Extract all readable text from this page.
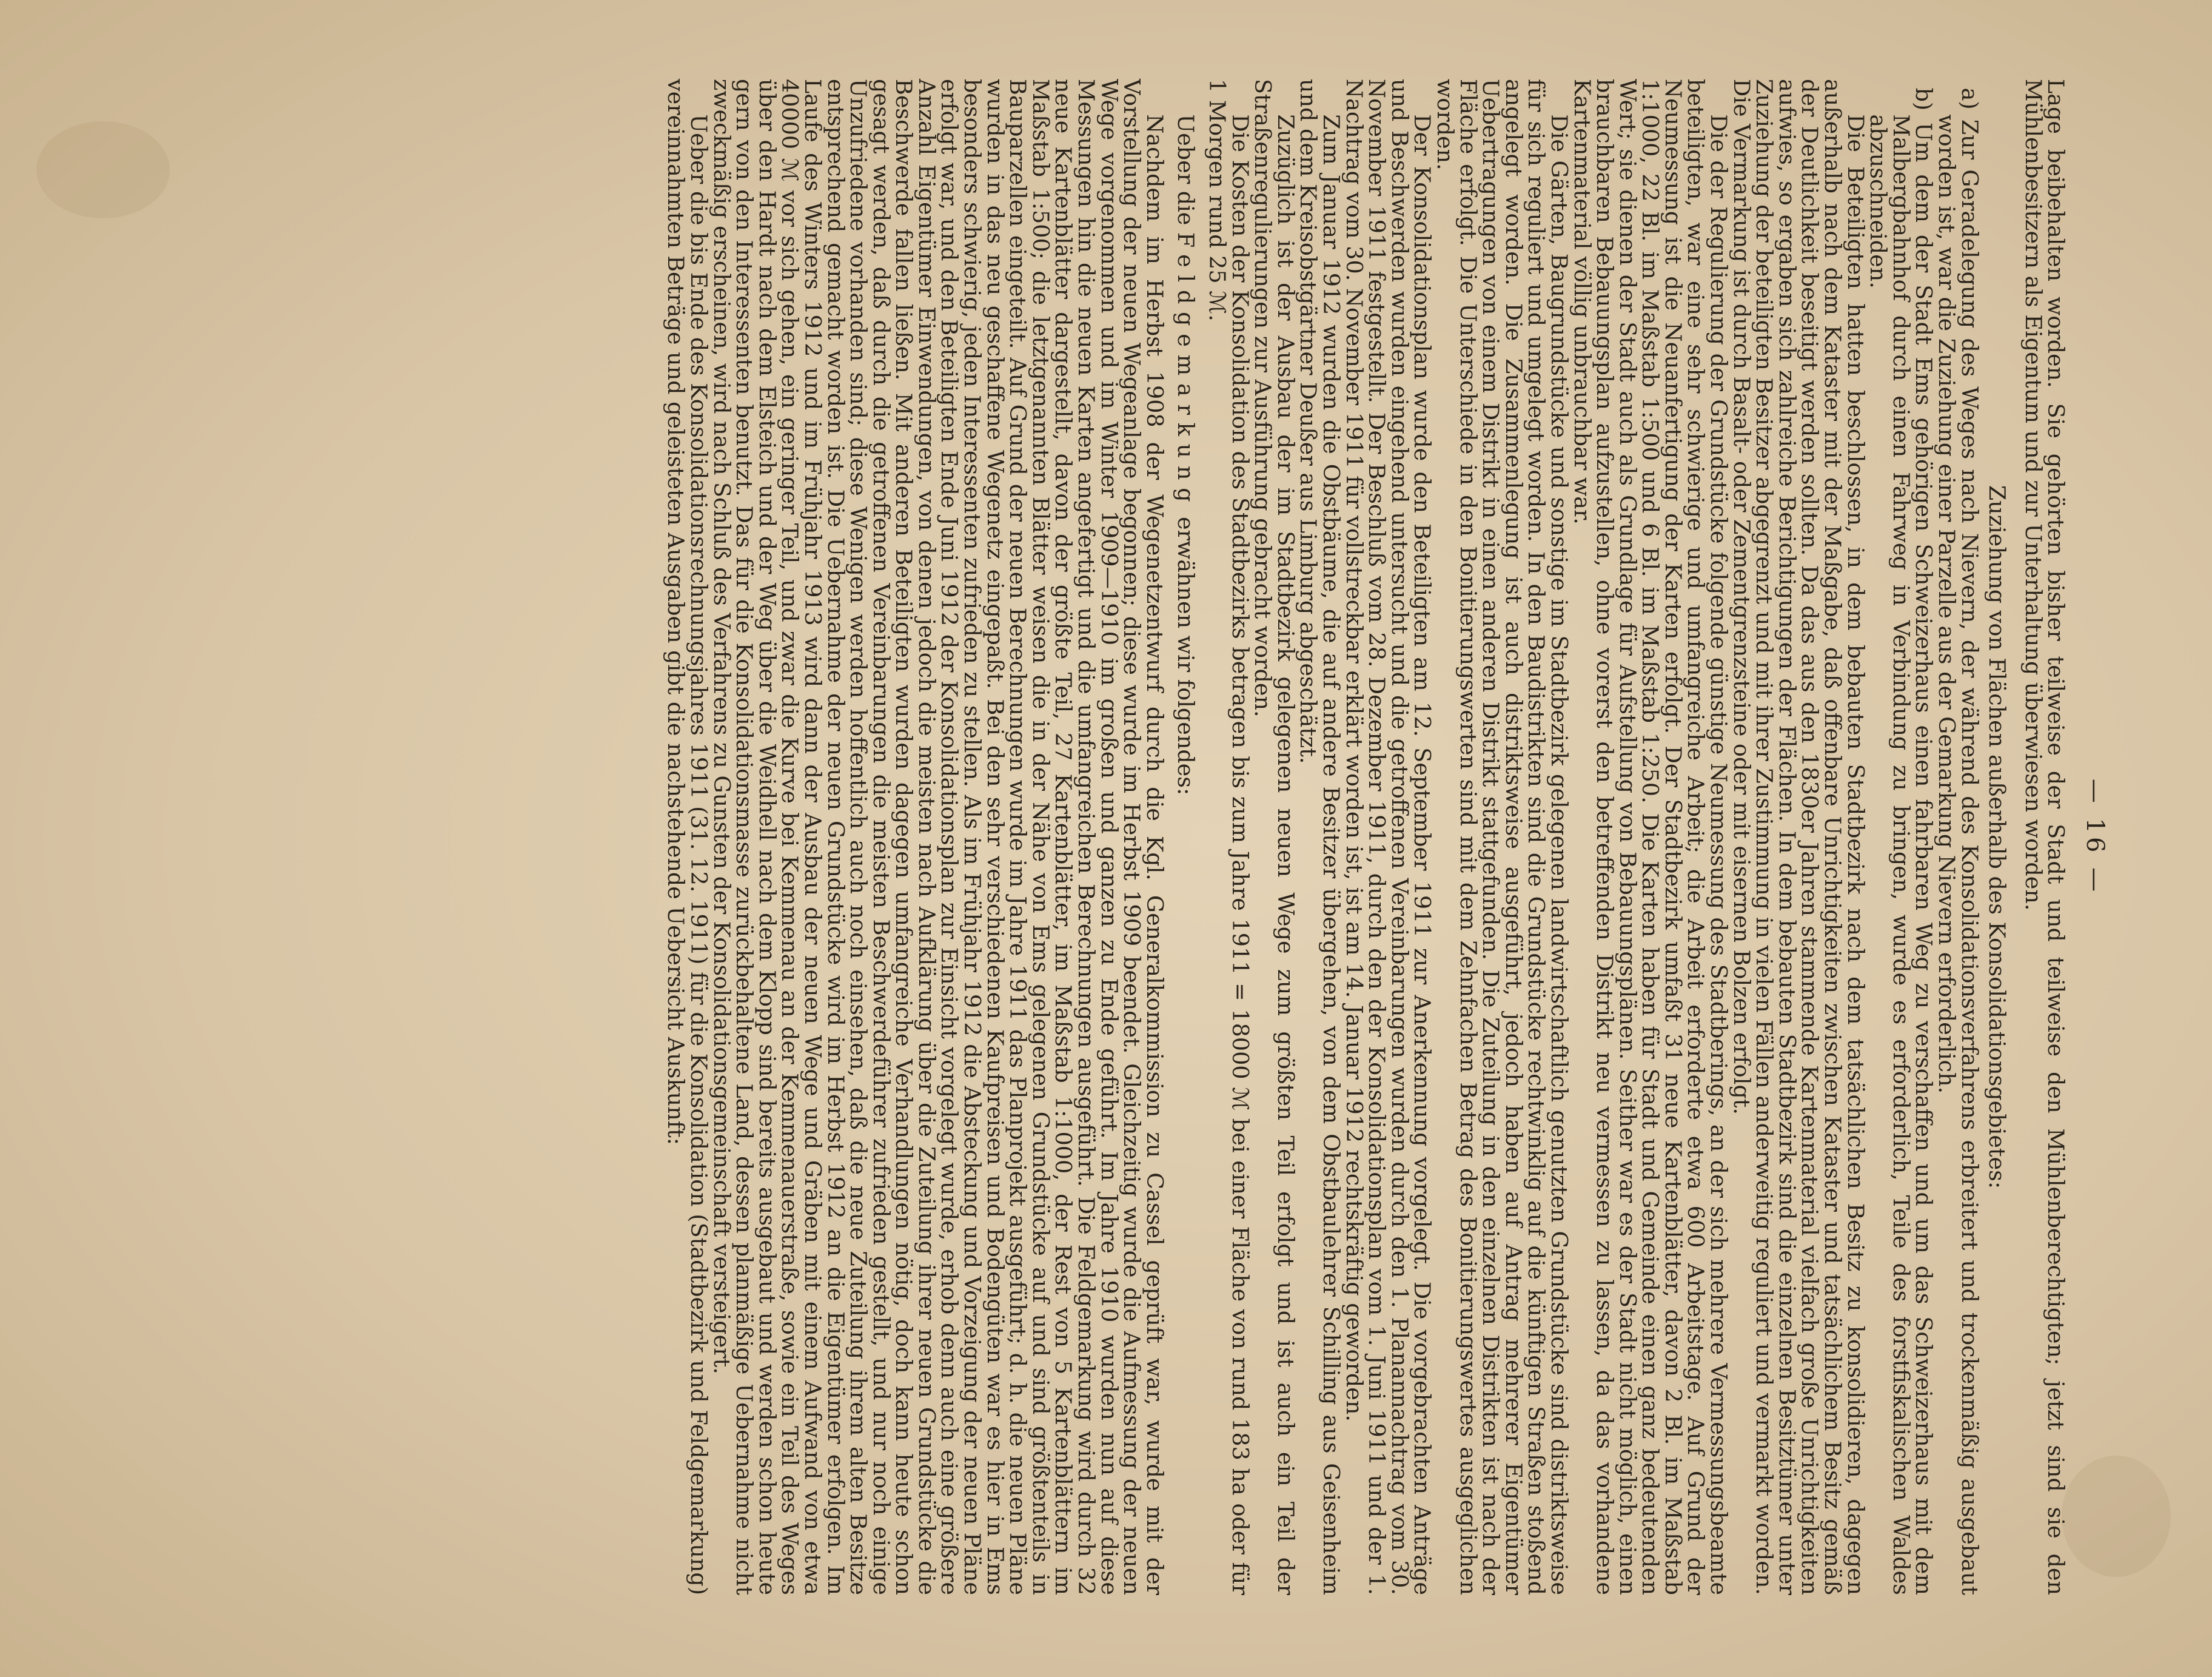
— 16 —

Lage beibehalten worden. Sie gehörten bisher teilweise der Stadt und teilweise den Mühlenberechtigten; jetzt sind sie den Mühlenbesitzern als Eigentum und zur Unterhaltung überwiesen worden.

Zuziehung von Flächen außerhalb des Konsolidationsgebietes:

a) Zur Geradelegung des Weges nach Nievern, der während des Konsolidationsverfahrens erbreitert und trockenmäßig ausgebaut worden ist, war die Zuziehung einer Parzelle aus der Gemarkung Nievern erforderlich.

b) Um dem der Stadt Ems gehörigen Schweizerhaus einen fahrbaren Weg zu verschaffen und um das Schweizerhaus mit dem Malbergbahnhof durch einen Fahrweg in Verbindung zu bringen, wurde es erforderlich, Teile des forstfiskalischen Waldes abzuschneiden.

Die Beteiligten hatten beschlossen, in dem bebauten Stadtbezirk nach dem tatsächlichen Besitz zu konsolidieren, dagegen außerhalb nach dem Kataster mit der Maßgabe, daß offenbare Unrichtigkeiten zwischen Kataster und tatsächlichem Besitz gemäß der Deutlichkeit beseitigt werden sollten. Da das aus den 1830er Jahren stammende Kartenmaterial vielfach große Unrichtigkeiten aufwies, so ergaben sich zahlreiche Berichtigungen der Flächen. In dem bebauten Stadtbezirk sind die einzelnen Besitztümer unter Zuziehung der beteiligten Besitzer abgegrenzt und mit ihrer Zustimmung in vielen Fällen anderweitig reguliert und vermarkt worden. Die Vermarkung ist durch Basalt- oder Zementgrenzsteine oder mit eisernen Bolzen erfolgt.

Die der Regulierung der Grundstücke folgende günstige Neumessung des Stadtberings, an der sich mehrere Vermessungsbeamte beteiligten, war eine sehr schwierige und umfangreiche Arbeit; die Arbeit erforderte etwa 600 Arbeitstage. Auf Grund der Neumessung ist die Neuanfertigung der Karten erfolgt. Der Stadtbezirk umfaßt 31 neue Kartenblätter, davon 2 Bl. im Maßstab 1:1000, 22 Bl. im Maßstab 1:500 und 6 Bl. im Maßstab 1:250. Die Karten haben für Stadt und Gemeinde einen ganz bedeutenden Wert; sie dienen der Stadt auch als Grundlage für Aufstellung von Bebauungsplänen. Seither war es der Stadt nicht möglich, einen brauchbaren Bebauungsplan aufzustellen, ohne vorerst den betreffenden Distrikt neu vermessen zu lassen, da das vorhandene Kartenmaterial völlig unbrauchbar war.

Die Gärten, Baugrundstücke und sonstige im Stadtbezirk gelegenen landwirtschaftlich genutzten Grundstücke sind distriktsweise für sich reguliert und umgelegt worden. In den Baudistrikten sind die Grundstücke rechtwinklig auf die künftigen Straßen stoßend angelegt worden. Die Zusammenlegung ist auch distriktsweise ausgeführt, jedoch haben auf Antrag mehrerer Eigentümer Uebertragungen von einem Distrikt in einen anderen Distrikt stattgefunden. Die Zuteilung in den einzelnen Distrikten ist nach der Fläche erfolgt. Die Unterschiede in den Bonitierungswerten sind mit dem Zehnfachen Betrag des Bonitierungswertes ausgeglichen worden.

Der Konsolidationsplan wurde den Beteiligten am 12. September 1911 zur Anerkennung vorgelegt. Die vorgebrachten Anträge und Beschwerden wurden eingehend untersucht und die getroffenen Vereinbarungen wurden durch den 1. Planannachtrag vom 30. November 1911 festgestellt. Der Beschluß vom 28. Dezember 1911, durch den der Konsolidationsplan vom 1. Juni 1911 und der 1. Nachtrag vom 30. November 1911 für vollstreckbar erklärt worden ist, ist am 14. Januar 1912 rechtskräftig geworden.

Zum Januar 1912 wurden die Obstbäume, die auf andere Besitzer übergehen, von dem Obstbaulehrer Schilling aus Geisenheim und dem Kreisobstgärtner Deußer aus Limburg abgeschätzt.

Zuzüglich ist der Ausbau der im Stadtbezirk gelegenen neuen Wege zum größten Teil erfolgt und ist auch ein Teil der Straßenregulierungen zur Ausführung gebracht worden.

Die Kosten der Konsolidation des Stadtbezirks betragen bis zum Jahre 1911 = 18000 ℳ bei einer Fläche von rund 183 ha oder für 1 Morgen rund 25 ℳ.

Ueber die Feldgemarkung erwähnen wir folgendes:

Nachdem im Herbst 1908 der Wegenetzentwurf durch die Kgl. Generalkommission zu Cassel geprüft war, wurde mit der Vorstellung der neuen Wegeanlage begonnen; diese wurde im Herbst 1909 beendet. Gleichzeitig wurde die Aufmessung der neuen Wege vorgenommen und im Winter 1909—1910 im großen und ganzen zu Ende geführt. Im Jahre 1910 wurden nun auf diese Messungen hin die neuen Karten angefertigt und die umfangreichen Berechnungen ausgeführt. Die Feldgemarkung wird durch 32 neue Kartenblätter dargestellt, davon der größte Teil, 27 Kartenblätter, im Maßstab 1:1000, der Rest von 5 Kartenblättern im Maßstab 1:500; die letztgenannten Blätter weisen die in der Nähe von Ems gelegenen Grundstücke auf und sind größtenteils in Bauparzellen eingeteilt. Auf Grund der neuen Berechnungen wurde im Jahre 1911 das Planprojekt ausgeführt; d. h. die neuen Pläne wurden in das neu geschaffene Wegenetz eingepaßt. Bei den sehr verschiedenen Kaufpreisen und Bodengüten war es hier in Ems besonders schwierig, jeden Interessenten zufrieden zu stellen. Als im Frühjahr 1912 die Absteckung und Vorzeigung der neuen Pläne erfolgt war, und den Beteiligten Ende Juni 1912 der Konsolidationsplan zur Einsicht vorgelegt wurde, erhob denn auch eine größere Anzahl Eigentümer Einwendungen, von denen jedoch die meisten nach Aufklärung über die Zuteilung ihrer neuen Grundstücke die Beschwerde fallen ließen. Mit anderen Beteiligten wurden dagegen umfangreiche Verhandlungen nötig, doch kann heute schon gesagt werden, daß durch die getroffenen Vereinbarungen die meisten Beschwerdeführer zufrieden gestellt, und nur noch einige Unzufriedene vorhanden sind; diese Wenigen werden hoffentlich auch noch einsehen, daß die neue Zuteilung ihrem alten Besitze entsprechend gemacht worden ist. Die Uebernahme der neuen Grundstücke wird im Herbst 1912 an die Eigentümer erfolgen. Im Laufe des Winters 1912 und im Frühjahr 1913 wird dann der Ausbau der neuen Wege und Gräben mit einem Aufwand von etwa 40000 ℳ vor sich gehen, ein geringer Teil, und zwar die Kurve bei Kemmenau an der Kemmenauerstraße, sowie ein Teil des Weges über den Hardt nach dem Elsteich und der Weg über die Weidhell nach dem Klopp sind bereits ausgebaut und werden schon heute gern von den Interessenten benutzt. Das für die Konsolidationsmasse zurückbehaltene Land, dessen planmäßige Uebernahme nicht zweckmäßig erscheinen, wird nach Schluß des Verfahrens zu Gunsten der Konsolidationsgemeinschaft versteigert.

Ueber die bis Ende des Konsolidationsrechnungsjahres 1911 (31. 12. 1911) für die Konsolidation (Stadtbezirk und Feldgemarkung) vereinnahmten Beträge und geleisteten Ausgaben gibt die nachstehende Uebersicht Auskunft:
